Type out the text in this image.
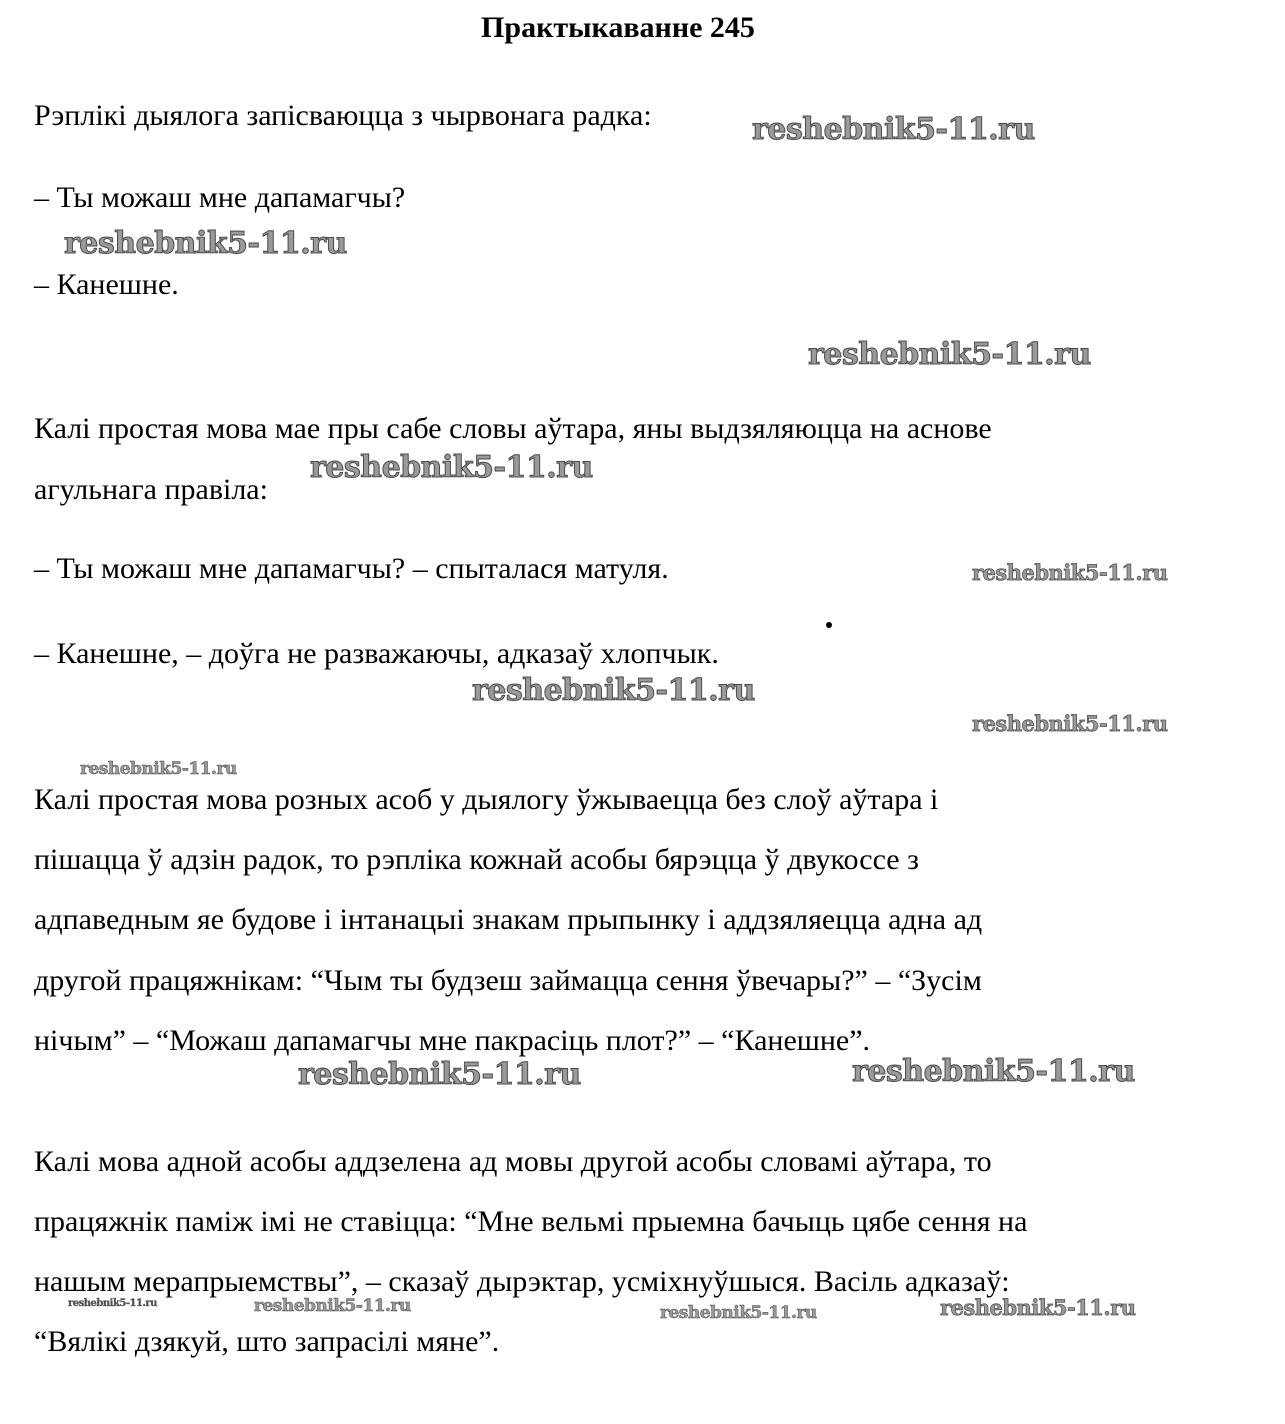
Практыкаванне 245
Рэплікі дыялога запісваюцца з чырвонага радка:
– Ты можаш мне дапамагчы?
– Канешне.
Калі простая мова мае пры сабе словы аўтара, яны выдзяляюцца на аснове
агульнага правіла:
– Ты можаш мне дапамагчы? – спыталася матуля.
– Канешне, – доўга не разважаючы, адказаў хлопчык.
Калі простая мова розных асоб у дыялогу ўжываецца без слоў аўтара і
пішацца ў адзін радок, то рэпліка кожнай асобы бярэцца ў двукоссе з
адпаведным яе будове і інтанацыі знакам прыпынку і аддзяляецца адна ад
другой працяжнікам: “Чым ты будзеш займацца сення ўвечары?” – “Зусім
нічым” – “Можаш дапамагчы мне пакрасіць плот?” – “Канешне”.
Калі мова адной асобы аддзелена ад мовы другой асобы словамі аўтара, то
працяжнік паміж імі не ставіцца: “Мне вельмі прыемна бачыць цябе сення на
нашым мерапрыемствы”, – сказаў дырэктар, усміхнуўшыся. Васіль адказаў:
“Вялікі дзякуй, што запрасілі мяне”.
reshebnik5-11.ru
reshebnik5-11.ru
reshebnik5-11.ru
reshebnik5-11.ru
reshebnik5-11.ru
reshebnik5-11.ru
reshebnik5-11.ru
reshebnik5-11.ru
reshebnik5-11.ru	reshebnik5-11.ru
reshebnik5-11.ru	reshebnik5-11.ru	reshebnik5-11.ru	reshebnik5-11.ru
